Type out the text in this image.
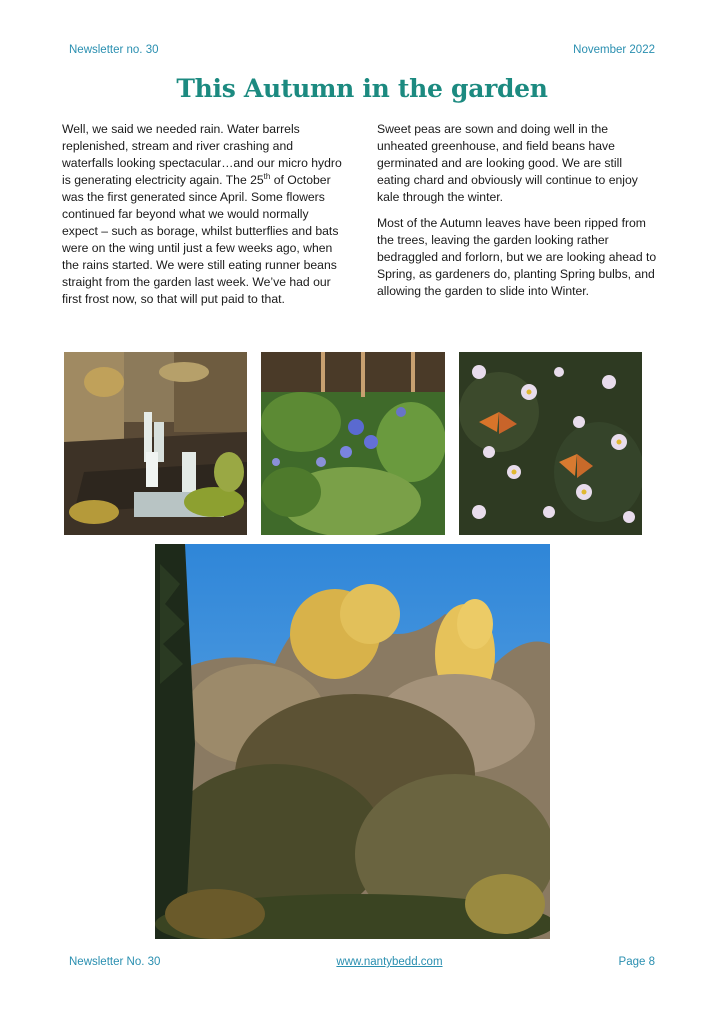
Newsletter no. 30	November 2022
This Autumn in the garden

Well, we said we needed rain. Water barrels replenished, stream and river crashing and waterfalls looking spectacular…and our micro hydro is generating electricity again. The 25th of October was the first generated since April. Some flowers continued far beyond what we would normally expect – such as borage, whilst butterflies and bats were on the wing until just a few weeks ago, when the rains started. We were still eating runner beans straight from the garden last week. We’ve had our first frost now, so that will put paid to that.

Sweet peas are sown and doing well in the unheated greenhouse, and field beans have germinated and are looking good. We are still eating chard and obviously will continue to enjoy kale through the winter.

Most of the Autumn leaves have been ripped from the trees, leaving the garden looking rather bedraggled and forlorn, but we are looking ahead to Spring, as gardeners do, planting Spring bulbs, and allowing the garden to slide into Winter.

Newsletter No. 30	www.nantybedd.com	Page 8
